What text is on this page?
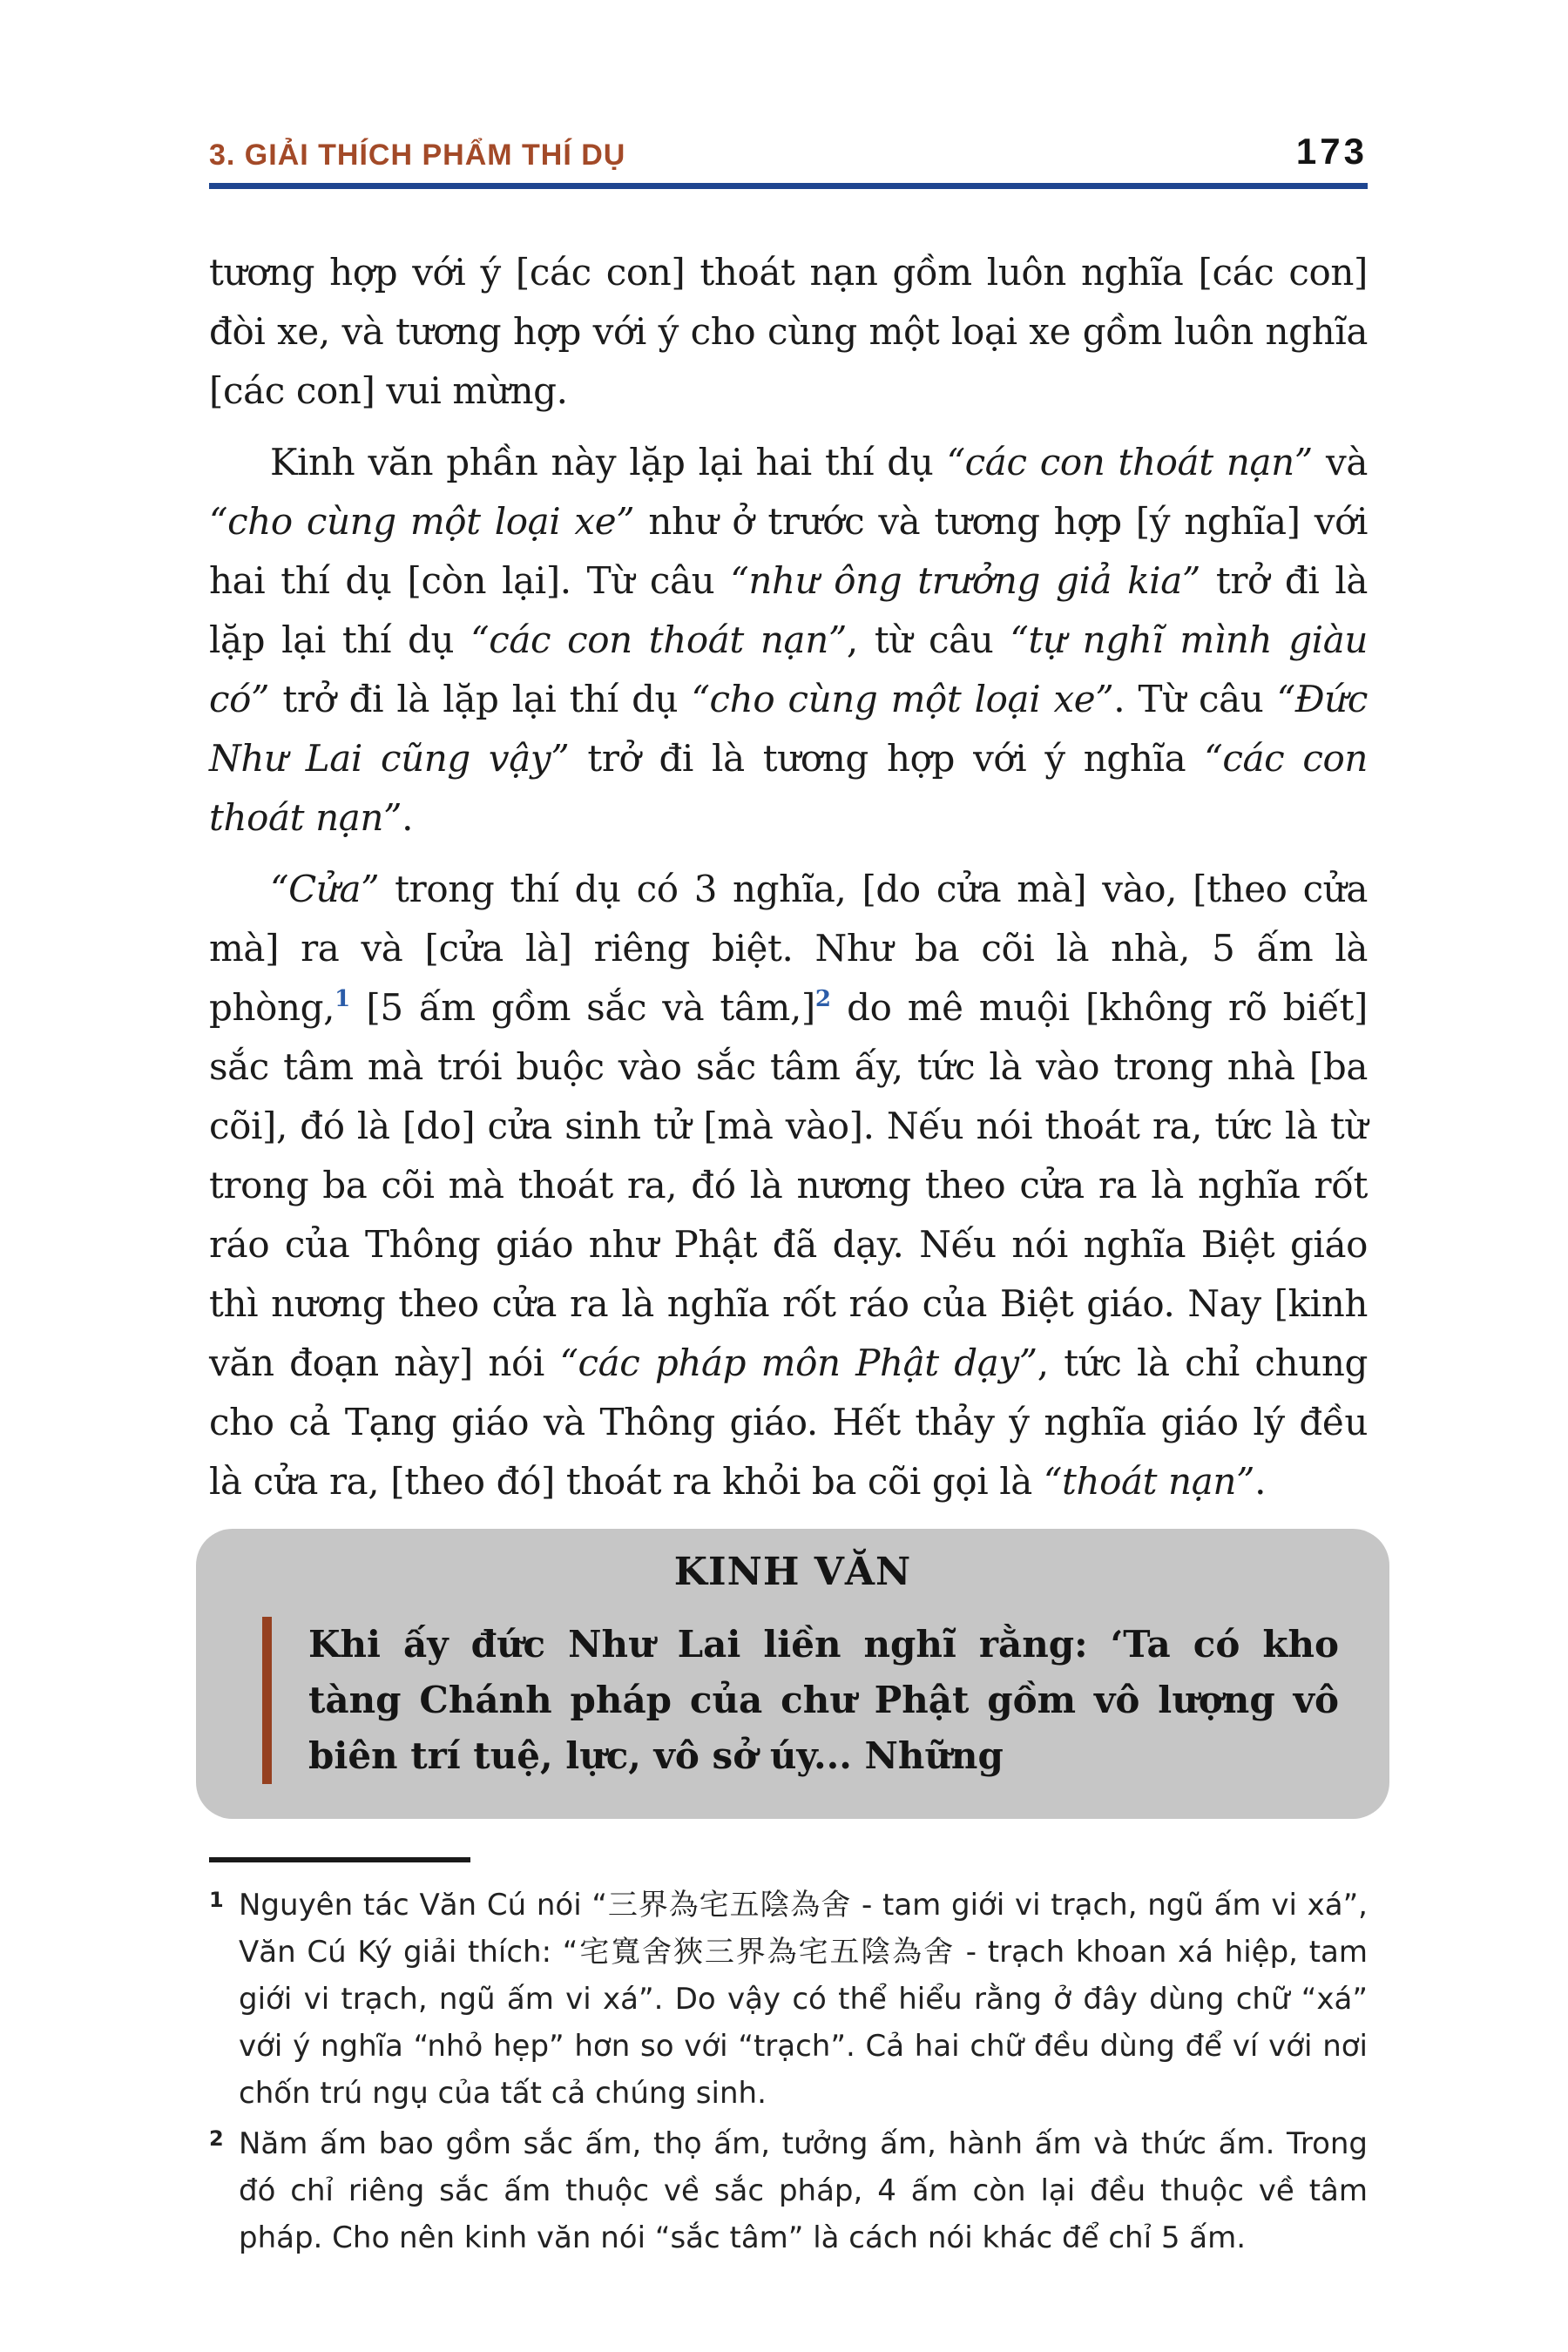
3. GIẢI THÍCH PHẨM THÍ DỤ	173

tương hợp với ý [các con] thoát nạn gồm luôn nghĩa [các con] đòi xe, và tương hợp với ý cho cùng một loại xe gồm luôn nghĩa [các con] vui mừng.

Kinh văn phần này lặp lại hai thí dụ “các con thoát nạn” và “cho cùng một loại xe” như ở trước và tương hợp [ý nghĩa] với hai thí dụ [còn lại]. Từ câu “như ông trưởng giả kia” trở đi là lặp lại thí dụ “các con thoát nạn”, từ câu “tự nghĩ mình giàu có” trở đi là lặp lại thí dụ “cho cùng một loại xe”. Từ câu “Đức Như Lai cũng vậy” trở đi là tương hợp với ý nghĩa “các con thoát nạn”.

“Cửa” trong thí dụ có 3 nghĩa, [do cửa mà] vào, [theo cửa mà] ra và [cửa là] riêng biệt. Như ba cõi là nhà, 5 ấm là phòng,$^1$ [5 ấm gồm sắc và tâm,]$^2$ do mê muội [không rõ biết] sắc tâm mà trói buộc vào sắc tâm ấy, tức là vào trong nhà [ba cõi], đó là [do] cửa sinh tử [mà vào]. Nếu nói thoát ra, tức là từ trong ba cõi mà thoát ra, đó là nương theo cửa ra là nghĩa rốt ráo của Thông giáo như Phật đã dạy. Nếu nói nghĩa Biệt giáo thì nương theo cửa ra là nghĩa rốt ráo của Biệt giáo. Nay [kinh văn đoạn này] nói “các pháp môn Phật dạy”, tức là chỉ chung cho cả Tạng giáo và Thông giáo. Hết thảy ý nghĩa giáo lý đều là cửa ra, [theo đó] thoát ra khỏi ba cõi gọi là “thoát nạn”.

KINH VĂN
Khi ấy đức Như Lai liền nghĩ rằng: ‘Ta có kho tàng Chánh pháp của chư Phật gồm vô lượng vô biên trí tuệ, lực, vô sở úy... Những
1 Nguyên tác Văn Cú nói “三界為宅五陰為舍 - tam giới vi trạch, ngũ ấm vi xá”, Văn Cú Ký giải thích: “宅寬舍狹三界為宅五陰為舍 - trạch khoan xá hiệp, tam giới vi trạch, ngũ ấm vi xá”. Do vậy có thể hiểu rằng ở đây dùng chữ “xá” với ý nghĩa “nhỏ hẹp” hơn so với “trạch”. Cả hai chữ đều dùng để ví với nơi chốn trú ngụ của tất cả chúng sinh.
2 Năm ấm bao gồm sắc ấm, thọ ấm, tưởng ấm, hành ấm và thức ấm. Trong đó chỉ riêng sắc ấm thuộc về sắc pháp, 4 ấm còn lại đều thuộc về tâm pháp. Cho nên kinh văn nói “sắc tâm” là cách nói khác để chỉ 5 ấm.
